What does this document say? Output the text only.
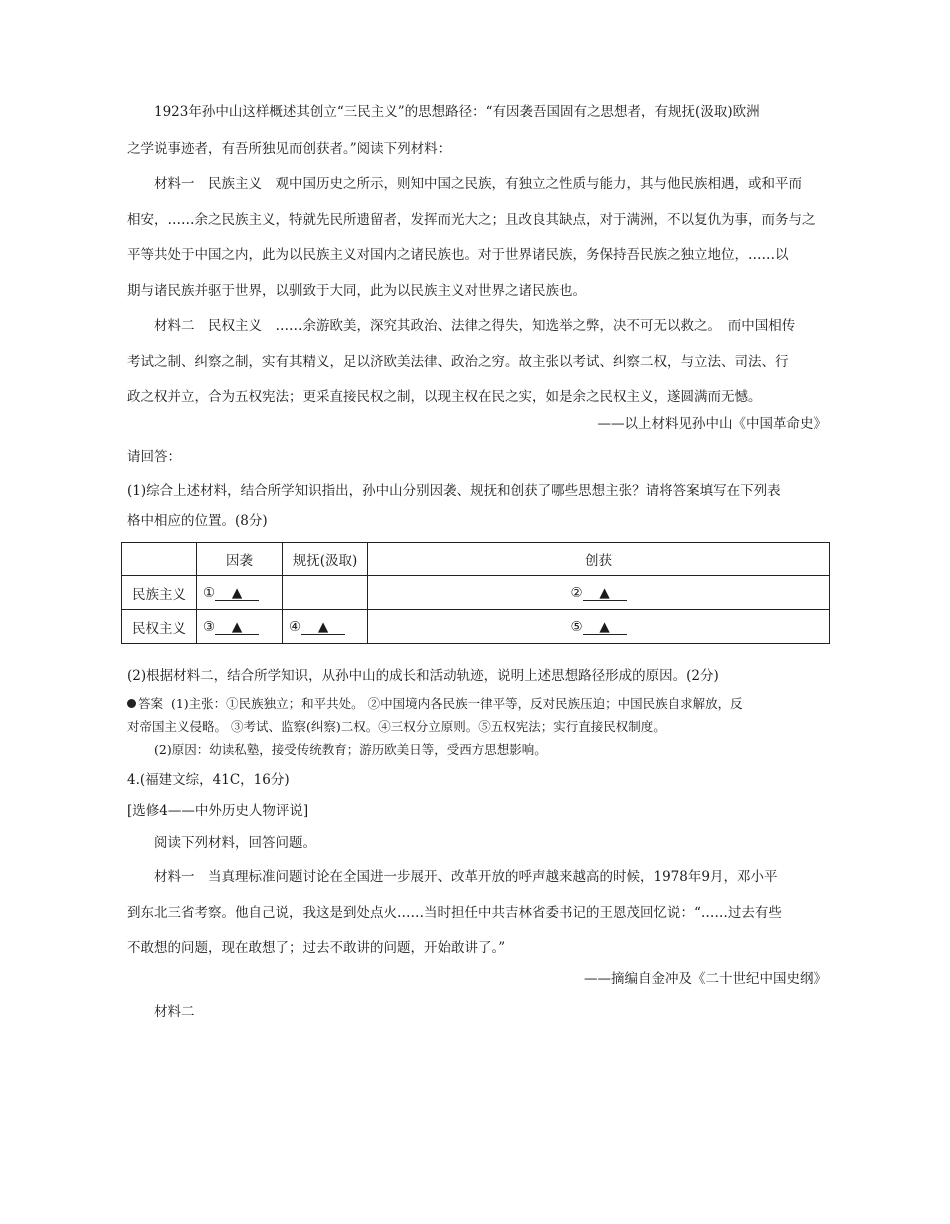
1923年孙中山这样概述其创立“三民主义”的思想路径：“有因袭吾国固有之思想者，有规抚(汲取)欧洲
之学说事迹者，有吾所独见而创获者。”阅读下列材料：
材料一　民族主义　观中国历史之所示，则知中国之民族，有独立之性质与能力，其与他民族相遇，或和平而
相安，……余之民族主义，特就先民所遗留者，发挥而光大之；且改良其缺点，对于满洲，不以复仇为事，而务与之
平等共处于中国之内，此为以民族主义对国内之诸民族也。对于世界诸民族，务保持吾民族之独立地位，……以
期与诸民族并驱于世界，以驯致于大同，此为以民族主义对世界之诸民族也。
材料二　民权主义　……余游欧美，深究其政治、法律之得失，知选举之弊，决不可无以救之。　而中国相传
考试之制、纠察之制，实有其精义，足以济欧美法律、政治之穷。故主张以考试、纠察二权，与立法、司法、行
政之权并立，合为五权宪法；更采直接民权之制，以现主权在民之实，如是余之民权主义，遂圆满而无憾。
——以上材料见孙中山《中国革命史》
请回答：
(1)综合上述材料，结合所学知识指出，孙中山分别因袭、规抚和创获了哪些思想主张？请将答案填写在下列表
格中相应的位置。(8分)
	因袭	规抚(汲取)	创获
民族主义	① ▲		② ▲
民权主义	③ ▲	④ ▲	⑤ ▲
(2)根据材料二，结合所学知识，从孙中山的成长和活动轨迹，说明上述思想路径形成的原因。(2分)
答案 (1)主张：①民族独立；和平共处。 ②中国境内各民族一律平等，反对民族压迫；中国民族自求解放，反
对帝国主义侵略。 ③考试、监察(纠察)二权。④三权分立原则。⑤五权宪法；实行直接民权制度。
(2)原因：幼读私塾，接受传统教育；游历欧美日等，受西方思想影响。
4.(福建文综，41C，16分)
[选修4——中外历史人物评说]
阅读下列材料，回答问题。
材料一　当真理标准问题讨论在全国进一步展开、改革开放的呼声越来越高的时候，1978年9月，邓小平
到东北三省考察。他自己说，我这是到处点火……当时担任中共吉林省委书记的王恩茂回忆说：“……过去有些
不敢想的问题，现在敢想了；过去不敢讲的问题，开始敢讲了。”
——摘编自金冲及《二十世纪中国史纲》
材料二
